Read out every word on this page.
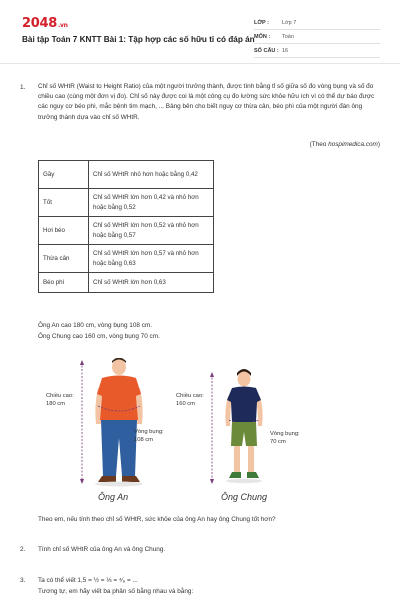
2048.vn
Bài tập Toán 7 KNTT Bài 1: Tập hợp các số hữu tỉ có đáp án
LỚP :	Lớp 7
MÔN :	Toán
SỐ CÂU : 16
1. Chỉ số WHtR (Waist to Height Ratio) của một người trưởng thành, được tính bằng tỉ số giữa số đo vòng bụng và số đo chiều cao (cùng một đơn vị đo). Chỉ số này được coi là một công cụ đo lường sức khỏe hữu ích vì có thể dự báo được các nguy cơ béo phì, mắc bệnh tim mạch, ... Bảng bên cho biết nguy cơ thừa cân, béo phì của một người đàn ông trưởng thành dựa vào chỉ số WHtR.
(Theo hospimedica.com)
Gầy	Chỉ số WHtR nhỏ hơn hoặc bằng 0,42
Tốt	Chỉ số WHtR lớn hơn 0,42 và nhỏ hơn hoặc bằng 0,52
Hơi béo	Chỉ số WHtR lớn hơn 0,52 và nhỏ hơn hoặc bằng 0,57
Thừa cân	Chỉ số WHtR lớn hơn 0,57 và nhỏ hơn hoặc bằng 0,63
Béo phì	Chỉ số WHtR lớn hơn 0,63
Ông An cao 180 cm, vòng bụng 108 cm.
Ông Chung cao 160 cm, vòng bụng 70 cm.
Chiều cao:
180 cm
Vòng bụng:
108 cm
Chiều cao:
160 cm
Vòng bụng:
70 cm
Ông An	Ông Chung
Theo em, nếu tính theo chỉ số WHtR, sức khỏe của ông An hay ông Chung tốt hơn?
2. Tính chỉ số WHtR của ông An và ông Chung.
3. Ta có thể viết 1,5 = ½ = ⅓ = ⁴⁄₆ = ...
Tương tự, em hãy viết ba phân số bằng nhau và bằng:
